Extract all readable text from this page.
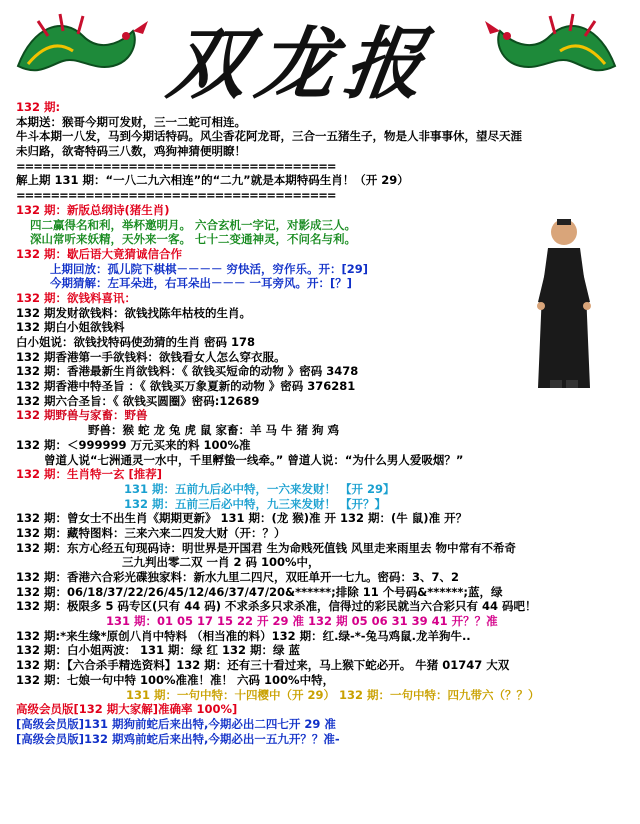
双龙报
132 期:
本期送：猴哥今期可发财，三一二蛇可相连。
牛斗本期一八发，马到今期话特码。风尘香花阿龙哥，三合一五猪生子，物是人非事事休，望尽天涯
未归路，欲寄特码三八数，鸡狗神猜便明瞭！
=====================================
解上期 131 期：“一八二九六相连”的“二九”就是本期特码生肖！（开 29）
=====================================
132 期：新版总纲诗(猪生肖)
四二赢得名和利，举杯邀明月。 六合玄机一字记，对影成三人。
深山常听来妖精，天外来一客。 七十二变通神灵，不问名与利。
132 期：歇后语大竟猜诚信合作
上期回放：孤儿院下棋棋－－－－ 穷快活，穷作乐。开：[29]
今期猜解：左耳朵进，右耳朵出－－－ 一耳旁风。开：[？]
132 期：欲钱料喜讯：
132 期发财欲钱料：欲钱找陈年枯枝的生肖。
132 期白小姐欲钱料
白小姐说：欲钱找特码使劲猜的生肖 密码 178
132 期香港第一手欲钱料：欲钱看女人怎么穿衣服。
132 期：香港最新生肖欲钱料：《 欲钱买短命的动物 》密码 3478
132 期香港中特圣旨 ：《 欲钱买万象夏新的动物 》密码 376281
132 期六合圣旨：《 欲钱买圆圈》密码:12689
132 期野兽与家畜：野兽
野兽：猴 蛇 龙 兔 虎 鼠 家畜：羊 马 牛 猪 狗 鸡
132 期：＜999999 万元买来的料 100%准
曾道人说“七洲通灵一水中，千里孵蛰一线牵。” 曾道人说：“为什么男人爱吸烟？”
132 期：生肖特一玄 [推荐]
131 期：五前九后必中特，一六来发财！ 【开 29】
132 期：五前三后必中特，九三来发财！ 【开？】
132 期：曾女士不出生肖《期期更新》 131 期：(龙 猴)准 开 132 期：(牛 鼠)准 开？
132 期：藏特图料：三来六来二四发大财（开：？）
132 期：东方心经五句现码诗：明世界是开国君 生为命贱死值钱 风里走来雨里去 物中常有不希奇
三九判出零二双 一肖 2 码 100%中，
132 期：香港六合彩光碟独家料：新水九里二四尺，双旺单开一七九。密码：3、7、2
132 期：06/18/37/22/26/45/12/46/37/47/20&******;排除 11 个号码&******;蓝，绿
132 期：极限多 5 码专区(只有 44 码) 不求杀多只求杀准，信得过的彩民就当六合彩只有 44 码吧！
131 期：01 05 17 15 22 开 29 准 132 期 05 06 31 39 41 开？？准
132 期:*来生缘*原创八肖中特料 （相当准的料）132 期：红.绿-*-兔马鸡鼠.龙羊狗牛..
132 期：白小姐两波： 131 期：绿 红 132 期：绿 蓝
132 期：【六合杀手精选资料】132 期：还有三十看过来，马上猴下蛇必开。 牛猪 01747 大双
132 期：七娘一句中特 100%准准！准！ 六码 100%中特，
131 期：一句中特：十四樱中（开 29） 132 期：一句中特：四九带六（？？）
高级会员版[132 期大家解]准确率 100%]
[高级会员版]131 期狗前蛇后来出特,今期必出二四七开 29 准
[高级会员版]132 期鸡前蛇后来出特,今期必出一五九开？？准-
